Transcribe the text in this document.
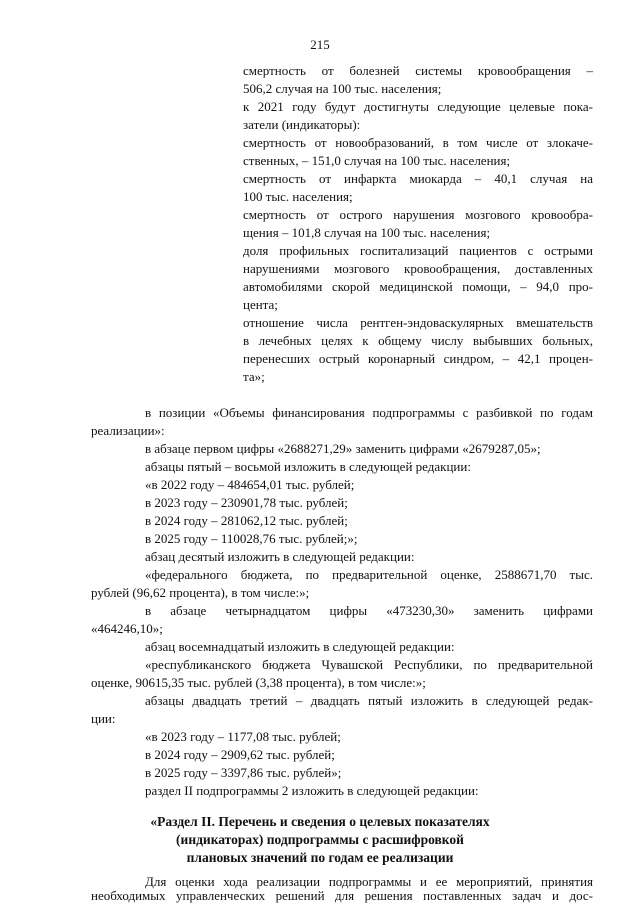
215
смертность от болезней системы кровообращения –
506,2 случая на 100 тыс. населения;
к 2021 году будут достигнуты следующие целевые пока-
затели (индикаторы):
смертность от новообразований, в том числе от злокаче-
ственных, – 151,0 случая на 100 тыс. населения;
смертность от инфаркта миокарда – 40,1 случая на
100 тыс. населения;
смертность от острого нарушения мозгового кровообра-
щения – 101,8 случая на 100 тыс. населения;
доля профильных госпитализаций пациентов с острыми
нарушениями мозгового кровообращения, доставленных
автомобилями скорой медицинской помощи, – 94,0 про-
цента;
отношение числа рентген-эндоваскулярных вмешательств
в лечебных целях к общему числу выбывших больных,
перенесших острый коронарный синдром, – 42,1 процен-
та»;
в позиции «Объемы финансирования подпрограммы с разбивкой по годам
реализации»:
в абзаце первом цифры «2688271,29» заменить цифрами «2679287,05»;
абзацы пятый – восьмой изложить в следующей редакции:
«в 2022 году – 484654,01 тыс. рублей;
в 2023 году – 230901,78 тыс. рублей;
в 2024 году – 281062,12 тыс. рублей;
в 2025 году – 110028,76 тыс. рублей;»;
абзац десятый изложить в следующей редакции:
«федерального бюджета, по предварительной оценке, 2588671,70 тыс.
рублей (96,62 процента), в том числе:»;
в абзаце четырнадцатом цифры «473230,30» заменить цифрами
«464246,10»;
абзац восемнадцатый изложить в следующей редакции:
«республиканского бюджета Чувашской Республики, по предварительной
оценке, 90615,35 тыс. рублей (3,38 процента), в том числе:»;
абзацы двадцать третий – двадцать пятый изложить в следующей редак-
ции:
«в 2023 году – 1177,08 тыс. рублей;
в 2024 году – 2909,62 тыс. рублей;
в 2025 году – 3397,86 тыс. рублей»;
раздел II подпрограммы 2 изложить в следующей редакции:
«Раздел II. Перечень и сведения о целевых показателях
(индикаторах) подпрограммы с расшифровкой
плановых значений по годам ее реализации
Для оценки хода реализации подпрограммы и ее мероприятий, принятия
необходимых управленческих решений для решения поставленных задач и дос-
